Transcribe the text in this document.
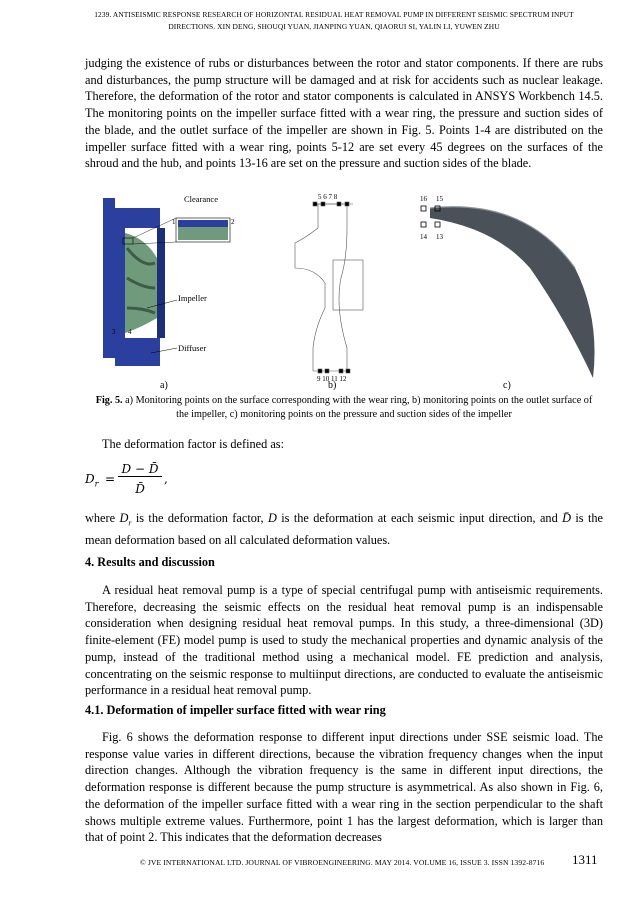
1239. ANTISEISMIC RESPONSE RESEARCH OF HORIZONTAL RESIDUAL HEAT REMOVAL PUMP IN DIFFERENT SEISMIC SPECTRUM INPUT
DIRECTIONS. XIN DENG, SHOUQI YUAN, JIANPING YUAN, QIAORUI SI, YALIN LI, YUWEN ZHU
judging the existence of rubs or disturbances between the rotor and stator components. If there are rubs and disturbances, the pump structure will be damaged and at risk for accidents such as nuclear leakage. Therefore, the deformation of the rotor and stator components is calculated in ANSYS Workbench 14.5. The monitoring points on the impeller surface fitted with a wear ring, the pressure and suction sides of the blade, and the outlet surface of the impeller are shown in Fig. 5. Points 1-4 are distributed on the impeller surface fitted with a wear ring, points 5-12 are set every 45 degrees on the surfaces of the shroud and the hub, and points 13-16 are set on the pressure and suction sides of the blade.
Clearance
1	2
3 4
Impeller
Diffuser
a)
5 6 7 8
9 10 11 12
b)
16 15
14 13
c)
Fig. 5. a) Monitoring points on the surface corresponding with the wear ring, b) monitoring points on the outlet surface of the impeller, c) monitoring points on the pressure and suction sides of the impeller
The deformation factor is defined as:
$D_r$ =
D − D̄
D̄
,
where $D_r$ is the deformation factor, D is the deformation at each seismic input direction, and D̄ is the mean deformation based on all calculated deformation values.
4. Results and discussion
A residual heat removal pump is a type of special centrifugal pump with antiseismic requirements. Therefore, decreasing the seismic effects on the residual heat removal pump is an indispensable consideration when designing residual heat removal pumps. In this study, a three-dimensional (3D) finite-element (FE) model pump is used to study the mechanical properties and dynamic analysis of the pump, instead of the traditional method using a mechanical model. FE prediction and analysis, concentrating on the seismic response to multiinput directions, are conducted to evaluate the antiseismic performance in a residual heat removal pump.
4.1. Deformation of impeller surface fitted with wear ring
Fig. 6 shows the deformation response to different input directions under SSE seismic load. The response value varies in different directions, because the vibration frequency changes when the input direction changes. Although the vibration frequency is the same in different input directions, the deformation response is different because the pump structure is asymmetrical. As also shown in Fig. 6, the deformation of the impeller surface fitted with a wear ring in the section perpendicular to the shaft shows multiple extreme values. Furthermore, point 1 has the largest deformation, which is larger than that of point 2. This indicates that the deformation decreases
© JVE INTERNATIONAL LTD. JOURNAL OF VIBROENGINEERING. MAY 2014. VOLUME 16, ISSUE 3. ISSN 1392-8716 1311
